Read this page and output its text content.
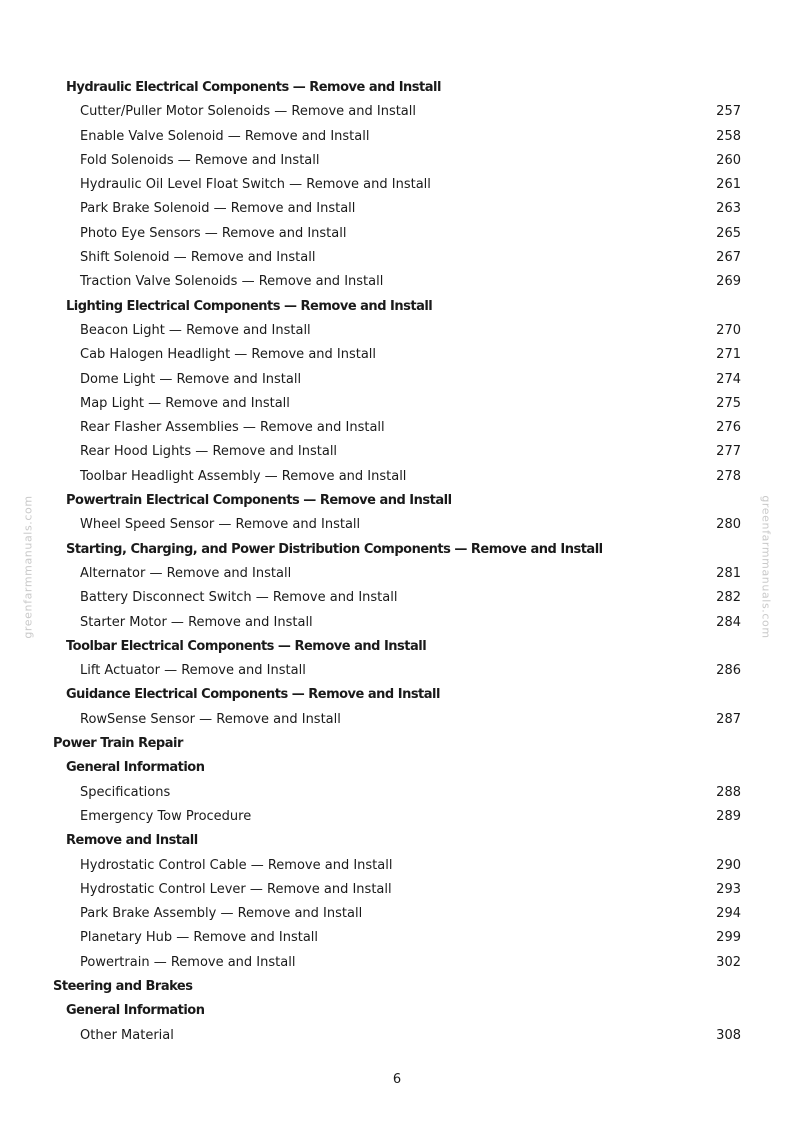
greenfarmmanuals.com	greenfarmmanuals.com
Hydraulic Electrical Components — Remove and Install
Cutter/Puller Motor Solenoids — Remove and Install	257
Enable Valve Solenoid — Remove and Install	258
Fold Solenoids — Remove and Install	260
Hydraulic Oil Level Float Switch — Remove and Install	261
Park Brake Solenoid — Remove and Install	263
Photo Eye Sensors — Remove and Install	265
Shift Solenoid — Remove and Install	267
Traction Valve Solenoids — Remove and Install	269
Lighting Electrical Components — Remove and Install
Beacon Light — Remove and Install	270
Cab Halogen Headlight — Remove and Install	271
Dome Light — Remove and Install	274
Map Light — Remove and Install	275
Rear Flasher Assemblies — Remove and Install	276
Rear Hood Lights — Remove and Install	277
Toolbar Headlight Assembly — Remove and Install	278
Powertrain Electrical Components — Remove and Install
Wheel Speed Sensor — Remove and Install	280
Starting, Charging, and Power Distribution Components — Remove and Install
Alternator — Remove and Install	281
Battery Disconnect Switch — Remove and Install	282
Starter Motor — Remove and Install	284
Toolbar Electrical Components — Remove and Install
Lift Actuator — Remove and Install	286
Guidance Electrical Components — Remove and Install
RowSense Sensor — Remove and Install	287
Power Train Repair
General Information
Specifications	288
Emergency Tow Procedure	289
Remove and Install
Hydrostatic Control Cable — Remove and Install	290
Hydrostatic Control Lever — Remove and Install	293
Park Brake Assembly — Remove and Install	294
Planetary Hub — Remove and Install	299
Powertrain — Remove and Install	302
Steering and Brakes
General Information
Other Material	308
6
